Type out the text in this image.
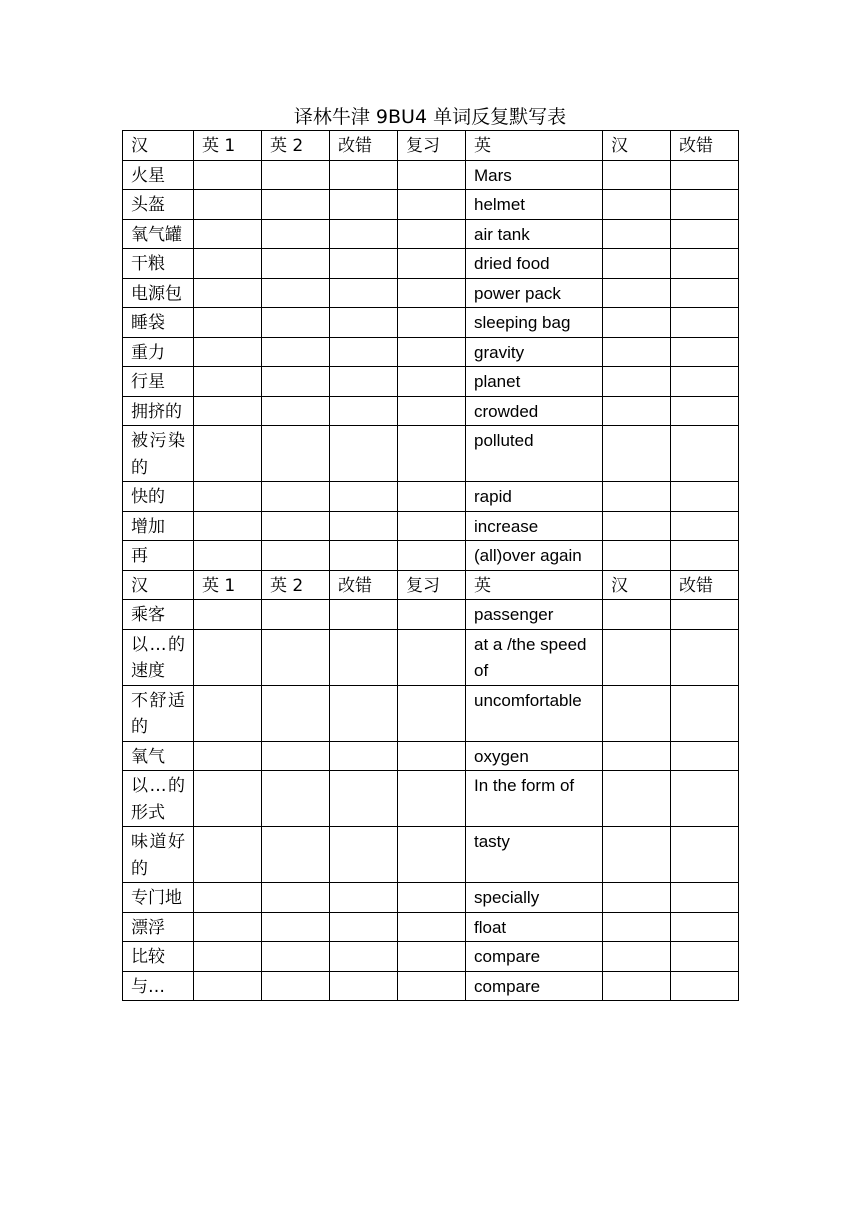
译林牛津 9BU4 单词反复默写表
汉	英 1	英 2	改错	复习	英	汉	改错
火星					Mars		
头盔					helmet		
氧气罐					air tank		
干粮					dried food		
电源包					power pack		
睡袋					sleeping bag		
重力					gravity		
行星					planet		
拥挤的					crowded		
被污染的					polluted		
快的					rapid		
增加					increase		
再					(all)over again		
汉	英 1	英 2	改错	复习	英	汉	改错
乘客					passenger		
以…的速度					at a /the speed of		
不舒适的					uncomfortable		
氧气					oxygen		
以…的形式					In the form of		
味道好的					tasty		
专门地					specially		
漂浮					float		
比较					compare		
与…					compare		
